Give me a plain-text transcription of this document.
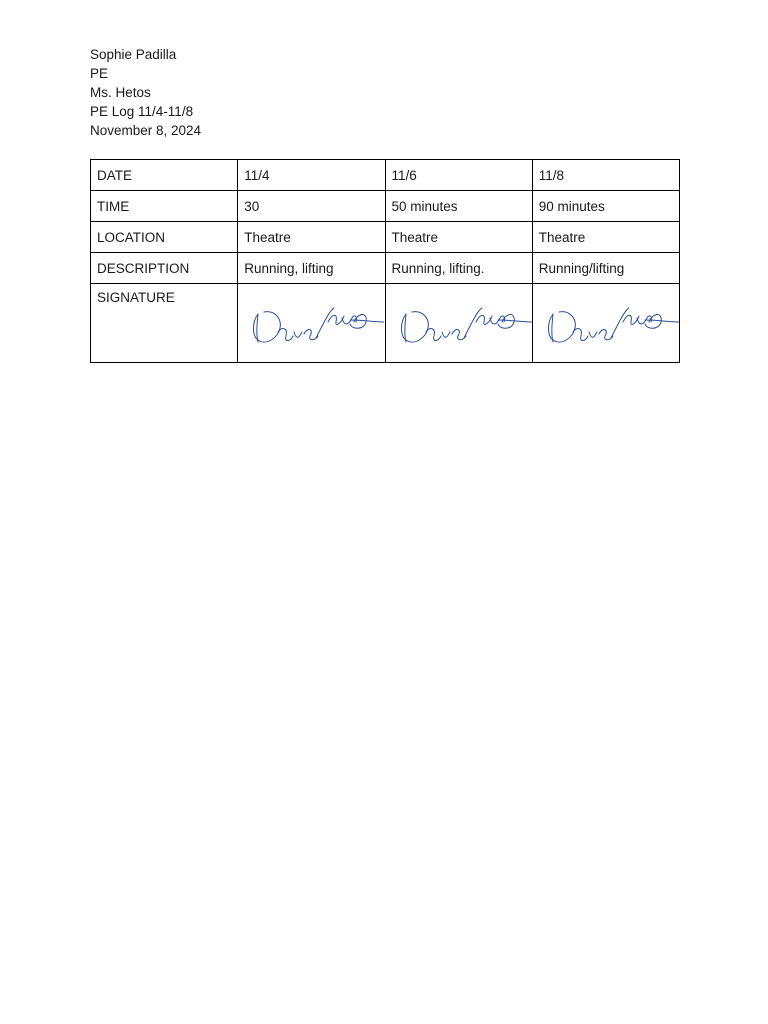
Sophie Padilla
PE
Ms. Hetos
PE Log 11/4-11/8
November 8, 2024
DATE	11/4	11/6	11/8
TIME	30	50 minutes	90 minutes
LOCATION	Theatre	Theatre	Theatre
DESCRIPTION	Running, lifting	Running, lifting.	Running/lifting
SIGNATURE	
